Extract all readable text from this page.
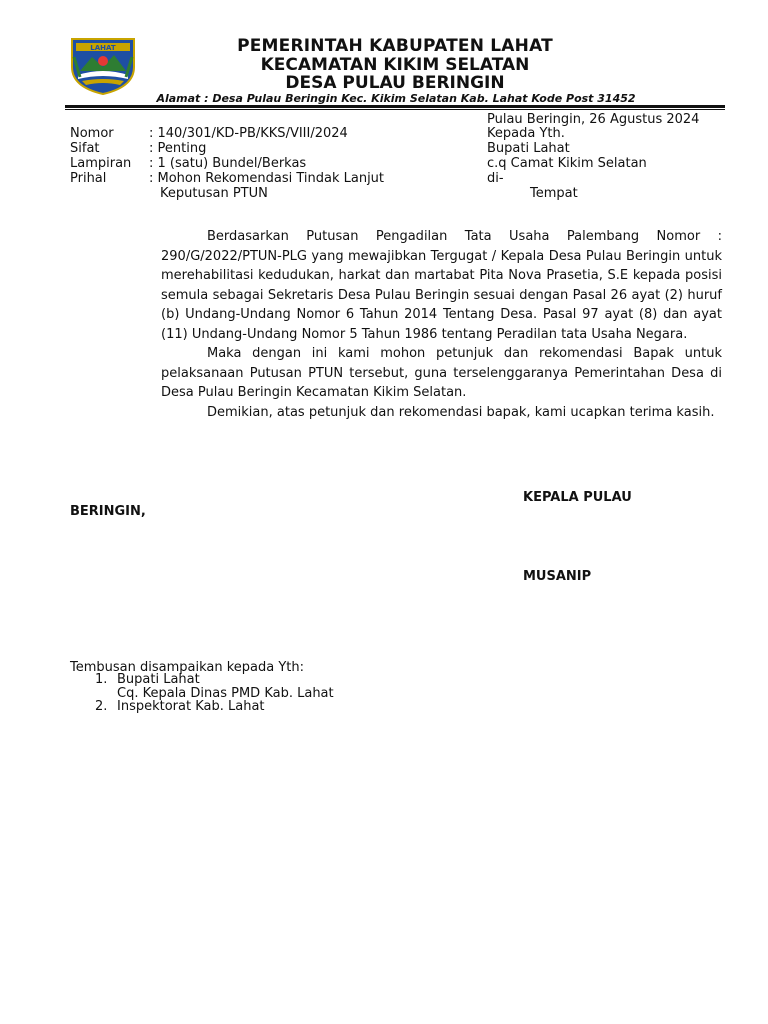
LAHAT	PEMERINTAH KABUPATEN LAHAT
KECAMATAN KIKIM SELATAN
DESA PULAU BERINGIN
Alamat : Desa Pulau Beringin Kec. Kikim Selatan Kab. Lahat Kode Post 31452
Pulau Beringin, 26 Agustus 2024
Nomor	: 140/301/KD-PB/KKS/VIII/2024
Sifat	: Penting
Lampiran : 1 (satu) Bundel/Berkas
Prihal	: Mohon Rekomendasi Tindak Lanjut
Keputusan PTUN
Kepada Yth.
Bupati Lahat
c.q Camat Kikim Selatan
di-
Tempat

Berdasarkan Putusan Pengadilan Tata Usaha Palembang Nomor : 290/G/2022/PTUN-PLG yang mewajibkan Tergugat / Kepala Desa Pulau Beringin untuk merehabilitasi kedudukan, harkat dan martabat Pita Nova Prasetia, S.E kepada posisi semula sebagai Sekretaris Desa Pulau Beringin sesuai dengan Pasal 26 ayat (2) huruf (b) Undang-Undang Nomor 6 Tahun 2014 Tentang Desa. Pasal 97 ayat (8) dan ayat (11) Undang-Undang Nomor 5 Tahun 1986 tentang Peradilan tata Usaha Negara.

Maka dengan ini kami mohon petunjuk dan rekomendasi Bapak untuk pelaksanaan Putusan PTUN tersebut, guna terselenggaranya Pemerintahan Desa di Desa Pulau Beringin Kecamatan Kikim Selatan.

Demikian, atas petunjuk dan rekomendasi bapak, kami ucapkan terima kasih.

KEPALA PULAU
BERINGIN,
MUSANIP
Tembusan disampaikan kepada Yth:
1. Bupati Lahat
Cq. Kepala Dinas PMD Kab. Lahat
2. Inspektorat Kab. Lahat
